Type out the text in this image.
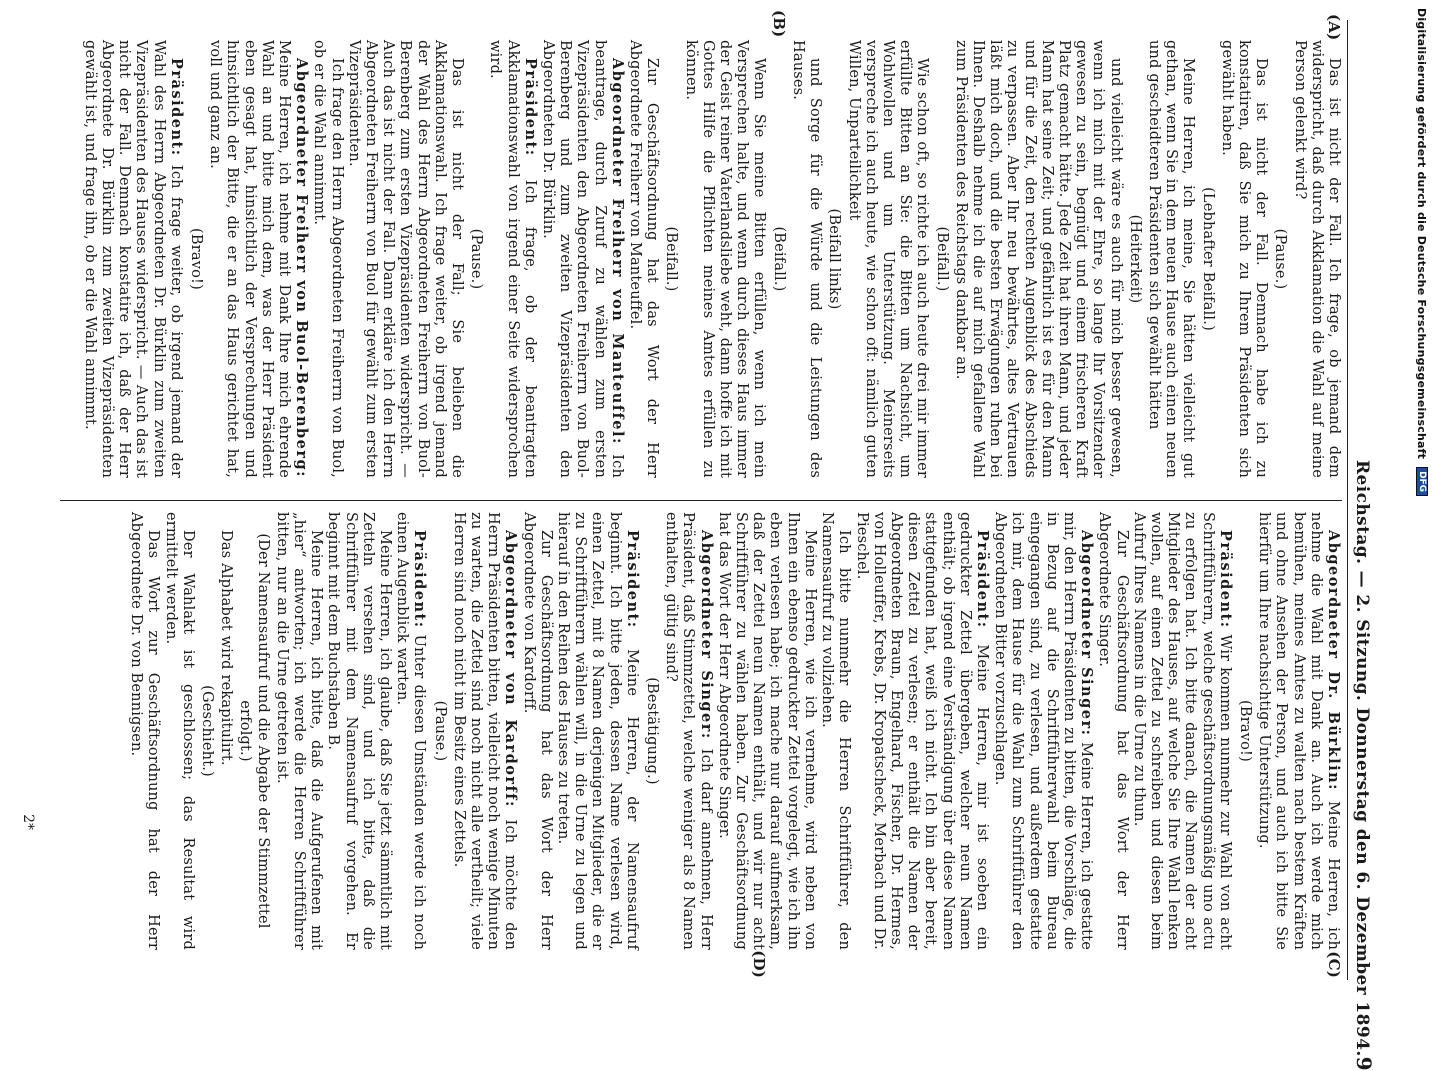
Reichstag. — 2. Sitzung. Donnerstag den 6. Dezember 1894.
9
(A)
(B)

Das ist nicht der Fall. Ich frage, ob jemand dem widerspricht, daß durch Akklamation die Wahl auf meine Person gelenkt wird?

(Pause.)

Das ist nicht der Fall. Demnach habe ich zu konstatiren, daß Sie mich zu Ihrem Präsidenten sich gewählt haben.

(Lebhafter Beifall.)

Meine Herren, ich meine, Sie hätten vielleicht gut gethan, wenn Sie in dem neuen Hause auch einen neuen und gescheidteren Präsidenten sich gewählt hätten

(Heiterkeit)

und vielleicht wäre es auch für mich besser gewesen, wenn ich mich mit der Ehre, so lange Ihr Vorsitzender gewesen zu sein, begnügt und einem frischeren Kraft Platz gemacht hätte. Jede Zeit hat ihren Mann, und jeder Mann hat seine Zeit; und gefährlich ist es für den Mann und für die Zeit, den rechten Augenblick des Abschieds zu verpassen. Aber Ihr neu bewährtes, altes Vertrauen läßt mich doch, und die besten Erwägungen ruhen bei Ihnen. Deshalb nehme ich die auf mich gefallene Wahl zum Präsidenten des Reichstags dankbar an.

(Beifall.)

Wie schon oft, so richte ich auch heute drei mir immer erfüllte Bitten an Sie: die Bitten um Nachsicht, um Wohlwollen und um Unterstützung. Meinerseits verspreche ich auch heute, wie schon oft: nämlich guten Willen, Unparteilichkeit

(Beifall links)

und Sorge für die Würde und die Leistungen des Hauses.

(Beifall.)

Wenn Sie meine Bitten erfüllen, wenn ich mein Versprechen halte, und wenn durch dieses Haus immer der Geist reiner Vaterlandsliebe weht, dann hoffe ich mit Gottes Hilfe die Pflichten meines Amtes erfüllen zu können.

(Beifall.)

Zur Geschäftsordnung hat das Wort der Herr Abgeordnete Freiherr von Manteuffel.

Abgeordneter Freiherr von Manteuffel: Ich beantrage, durch Zuruf zu wählen zum ersten Vizepräsidenten den Abgeordneten Freiherrn von Buol-Berenberg und zum zweiten Vizepräsidenten den Abgeordneten Dr. Bürklin.

Präsident: Ich frage, ob der beantragten Akklamationswahl von irgend einer Seite widersprochen wird.

(Pause.)

Das ist nicht der Fall; Sie belieben die Akklamationswahl. Ich frage weiter, ob irgend jemand der Wahl des Herrn Abgeordneten Freiherrn von Buol-Berenberg zum ersten Vizepräsidenten widerspricht. — Auch das ist nicht der Fall. Dann erkläre ich den Herrn Abgeordneten Freiherrn von Buol für gewählt zum ersten Vizepräsidenten.

Ich frage den Herrn Abgeordneten Freiherrn von Buol, ob er die Wahl annimmt.

Abgeordneter Freiherr von Buol-Berenberg: Meine Herren, ich nehme mit Dank Ihre mich ehrende Wahl an und bitte mich dem, was der Herr Präsident eben gesagt hat, hinsichtlich der Versprechungen und hinsichtlich der Bitte, die er an das Haus gerichtet hat, voll und ganz an.

(Bravo!)

Präsident: Ich frage weiter, ob irgend jemand der Wahl des Herrn Abgeordneten Dr. Bürklin zum zweiten Vizepräsidenten des Hauses widerspricht. — Auch das ist nicht der Fall. Demnach konstatire ich, daß der Herr Abgeordnete Dr. Bürklin zum zweiten Vizepräsidenten gewählt ist, und frage ihn, ob er die Wahl annimmt.

(C)
(D)

Abgeordneter Dr. Bürklin: Meine Herren, ich nehme die Wahl mit Dank an. Auch ich werde mich bemühen, meines Amtes zu walten nach bestem Kräften und ohne Ansehen der Person, und auch ich bitte Sie hierfür um Ihre nachsichtige Unterstützung.

(Bravo!)

Präsident: Wir kommen nunmehr zur Wahl von acht Schriftführern, welche geschäftsordnungsmäßig uno actu zu erfolgen hat. Ich bitte danach, die Namen der acht Mitglieder des Hauses, auf welche Sie Ihre Wahl lenken wollen, auf einen Zettel zu schreiben und diesen beim Aufruf Ihres Namens in die Urne zu thun.

Zur Geschäftsordnung hat das Wort der Herr Abgeordnete Singer.

Abgeordneter Singer: Meine Herren, ich gestatte mir, den Herrn Präsidenten zu bitten, die Vorschläge, die in Bezug auf die Schriftführerwahl beim Bureau eingegangen sind, zu verlesen, und außerdem gestatte ich mir, dem Hause für die Wahl zum Schriftführer den Abgeordneten Bitter vorzuschlagen.

Präsident: Meine Herren, mir ist soeben ein gedruckter Zettel übergeben, welcher neun Namen enthält; ob irgend eine Verständigung über diese Namen stattgefunden hat, weiß ich nicht. Ich bin aber bereit, diesen Zettel zu verlesen; er enthält die Namen der Abgeordneten Braun, Engelhard, Fischer, Dr. Hermes, von Holleuffer, Krebs, Dr. Kropatscheck, Merbach und Dr. Pieschel.

Ich bitte nunmehr die Herren Schriftführer, den Namensaufruf zu vollziehen.

Meine Herren, wie ich vernehme, wird neben von Ihnen ein ebenso gedruckter Zettel vorgelegt, wie ich ihn eben verlesen habe; ich mache nur darauf aufmerksam, daß der Zettel neun Namen enthält, und wir nur acht Schriftführer zu wählen haben. Zur Geschäftsordnung hat das Wort der Herr Abgeordnete Singer.

Abgeordneter Singer: Ich darf annehmen, Herr Präsident, daß Stimmzettel, welche weniger als 8 Namen enthalten, gültig sind?

(Bestätigung.)

Präsident: Meine Herren, der Namensaufruf beginnt. Ich bitte jeden, dessen Name verlesen wird, einen Zettel, mit 8 Namen derjenigen Mitglieder, die er zu Schriftführern wählen will, in die Urne zu legen und hierauf in den Reihen des Hauses zu treten.

Zur Geschäftsordnung hat das Wort der Herr Abgeordnete von Kardorff.

Abgeordneter von Kardorff: Ich möchte den Herrn Präsidenten bitten, vielleicht noch wenige Minuten zu warten, die Zettel sind noch nicht alle vertheilt; viele Herren sind noch nicht im Besitz eines Zettels.

(Pause.)

Präsident: Unter diesen Umständen werde ich noch einen Augenblick warten.

Meine Herren, ich glaube, daß Sie jetzt sämmtlich mit Zetteln versehen sind, und ich bitte, daß die Schriftführer mit dem Namensaufruf vorgehen. Er beginnt mit dem Buchstaben B.

Meine Herren, ich bitte, daß die Aufgerufenen mit „hier“ antworten; ich werde die Herren Schriftführer bitten, nur an die Urne getreten ist.

(Der Namensaufruf und die Abgabe der Stimmzettel erfolgt.)

Das Alphabet wird rekapitulirt.

(Geschieht.)

Der Wahlakt ist geschlossen; das Resultat wird ermittelt werden.

Das Wort zur Geschäftsordnung hat der Herr Abgeordnete Dr. von Bennigsen.

2*
Digitalisierung gefördert durch die Deutsche Forschungsgemeinschaft
DFG
